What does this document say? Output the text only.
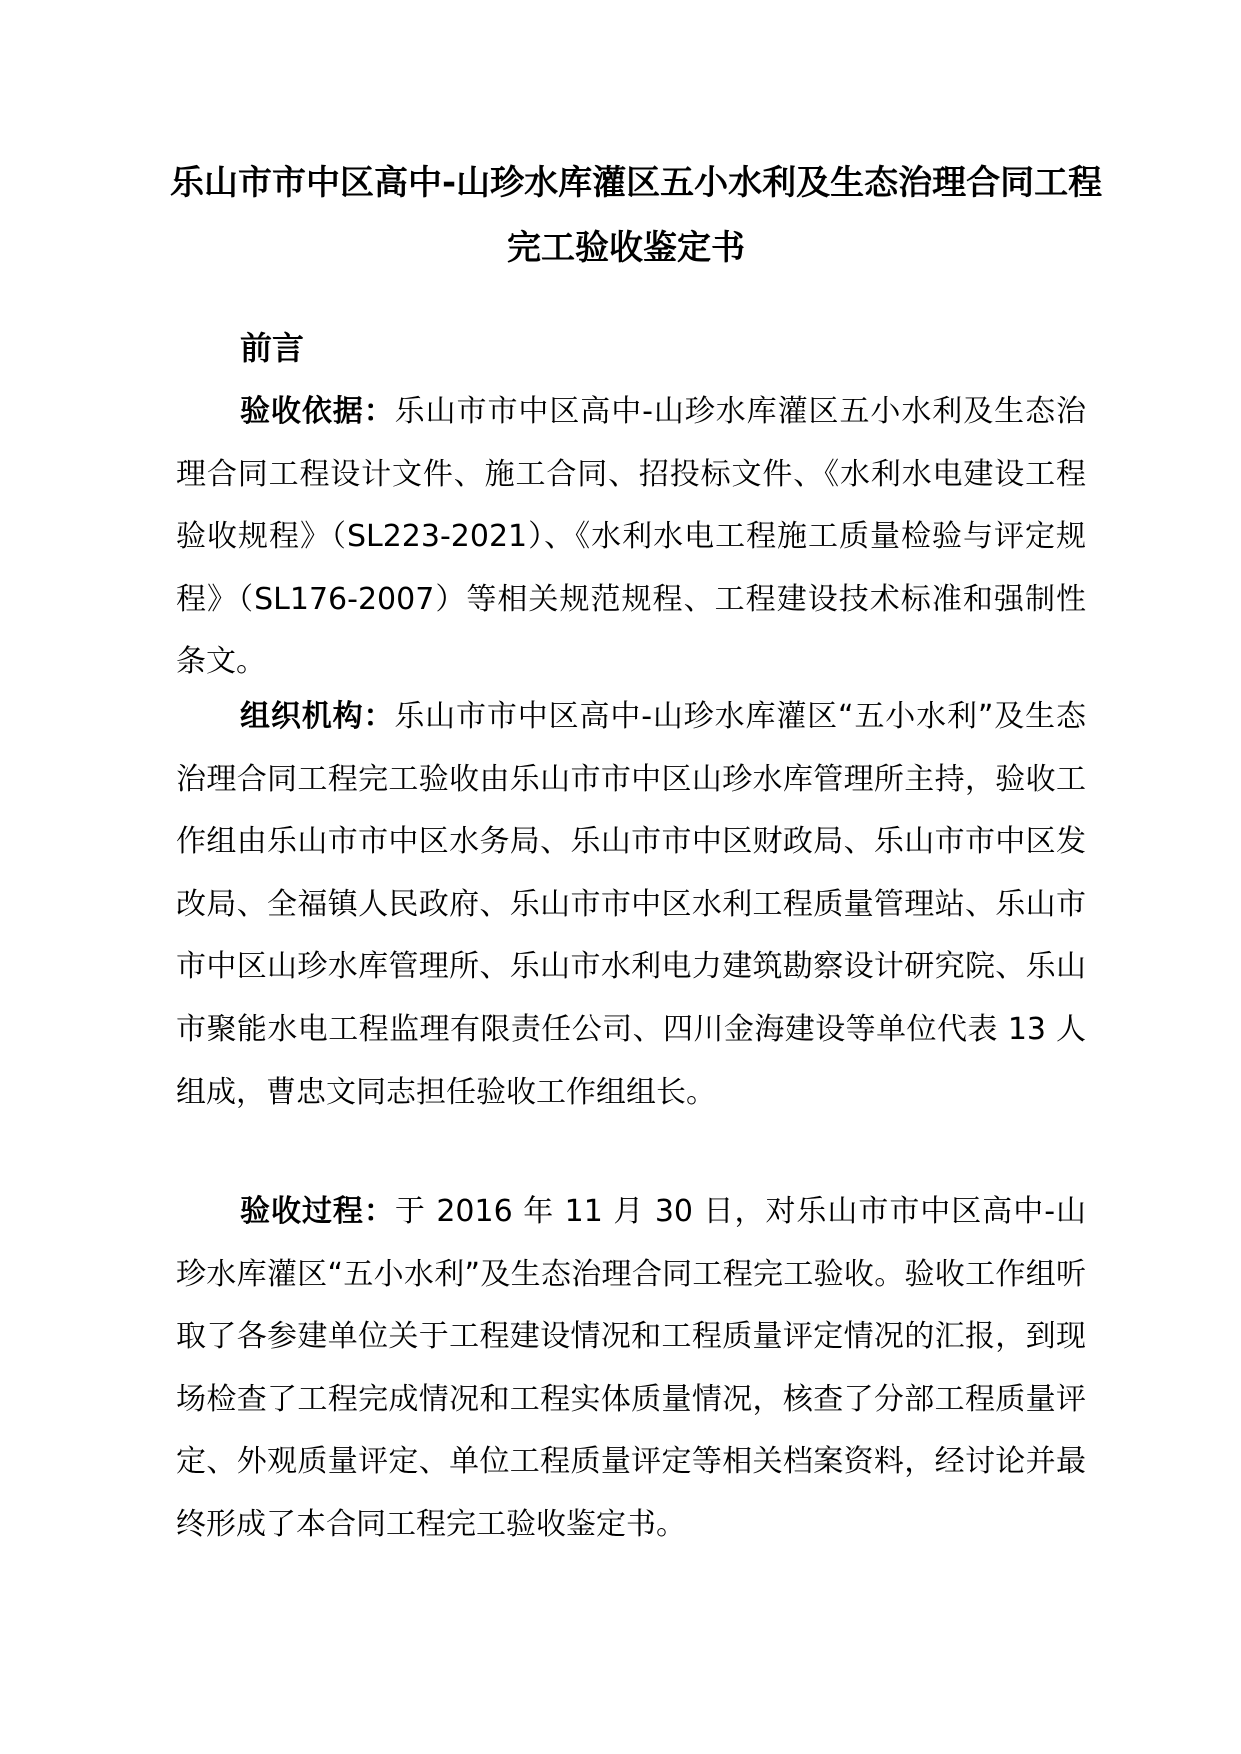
乐山市市中区高中-山珍水库灌区五小水利及生态治理合同工程
完工验收鉴定书
前言

验收依据：乐山市市中区高中-山珍水库灌区五小水利及生态治理合同工程设计文件、施工合同、招投标文件、《水利水电建设工程验收规程》（SL223-2021）、《水利水电工程施工质量检验与评定规程》（SL176-2007）等相关规范规程、工程建设技术标准和强制性条文。

组织机构：乐山市市中区高中-山珍水库灌区“五小水利”及生态治理合同工程完工验收由乐山市市中区山珍水库管理所主持，验收工作组由乐山市市中区水务局、乐山市市中区财政局、乐山市市中区发改局、全福镇人民政府、乐山市市中区水利工程质量管理站、乐山市市中区山珍水库管理所、乐山市水利电力建筑勘察设计研究院、乐山市聚能水电工程监理有限责任公司、四川金海建设等单位代表 13 人组成，曹忠文同志担任验收工作组组长。

验收过程：于 2016 年 11 月 30 日，对乐山市市中区高中-山珍水库灌区“五小水利”及生态治理合同工程完工验收。验收工作组听取了各参建单位关于工程建设情况和工程质量评定情况的汇报，到现场检查了工程完成情况和工程实体质量情况，核查了分部工程质量评定、外观质量评定、单位工程质量评定等相关档案资料，经讨论并最终形成了本合同工程完工验收鉴定书。
